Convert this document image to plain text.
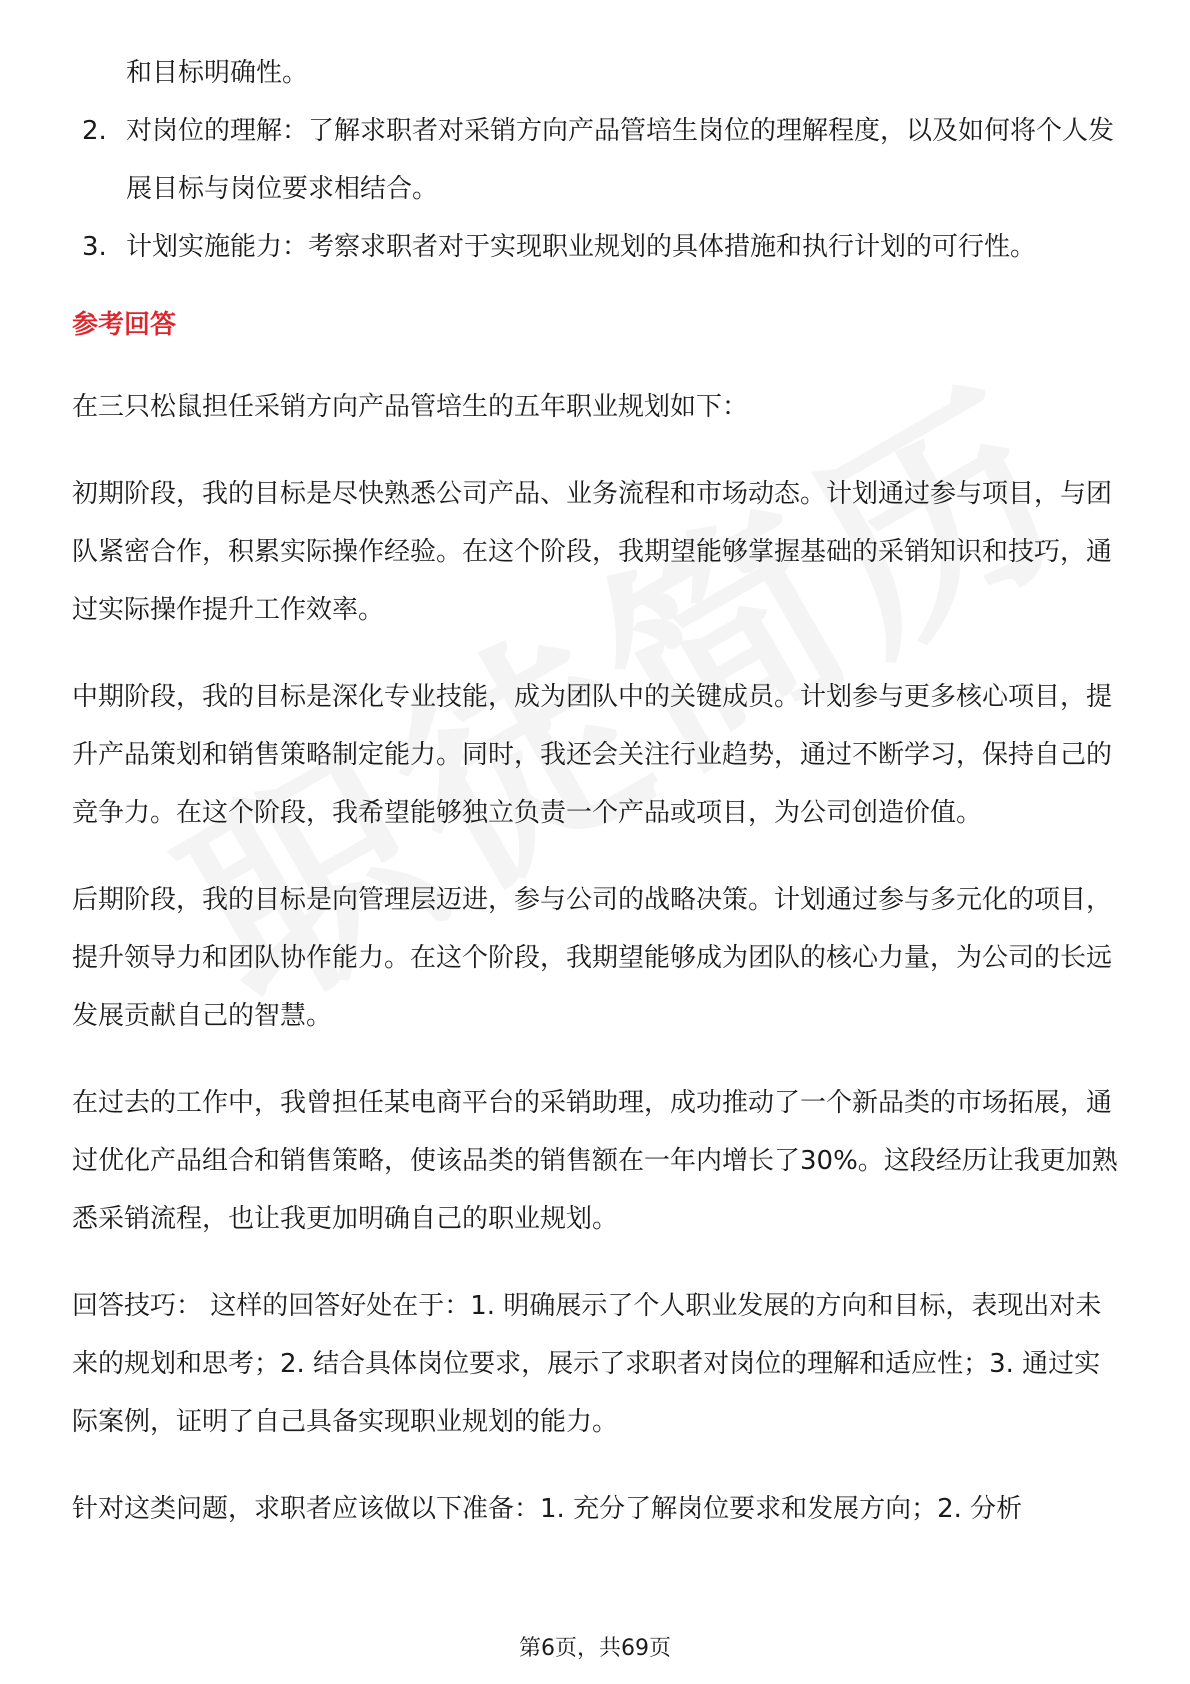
和目标明确性。

2. 对岗位的理解：了解求职者对采销方向产品管培生岗位的理解程度，以及如何将个人发展目标与岗位要求相结合。
3. 计划实施能力：考察求职者对于实现职业规划的具体措施和执行计划的可行性。

参考回答

在三只松鼠担任采销方向产品管培生的五年职业规划如下：

初期阶段，我的目标是尽快熟悉公司产品、业务流程和市场动态。计划通过参与项目，与团队紧密合作，积累实际操作经验。在这个阶段，我期望能够掌握基础的采销知识和技巧，通过实际操作提升工作效率。

中期阶段，我的目标是深化专业技能，成为团队中的关键成员。计划参与更多核心项目，提升产品策划和销售策略制定能力。同时，我还会关注行业趋势，通过不断学习，保持自己的竞争力。在这个阶段，我希望能够独立负责一个产品或项目，为公司创造价值。

后期阶段，我的目标是向管理层迈进，参与公司的战略决策。计划通过参与多元化的项目，提升领导力和团队协作能力。在这个阶段，我期望能够成为团队的核心力量，为公司的长远发展贡献自己的智慧。

在过去的工作中，我曾担任某电商平台的采销助理，成功推动了一个新品类的市场拓展，通过优化产品组合和销售策略，使该品类的销售额在一年内增长了30%。这段经历让我更加熟悉采销流程，也让我更加明确自己的职业规划。

回答技巧： 这样的回答好处在于：1. 明确展示了个人职业发展的方向和目标，表现出对未来的规划和思考；2. 结合具体岗位要求，展示了求职者对岗位的理解和适应性；3. 通过实际案例，证明了自己具备实现职业规划的能力。

针对这类问题，求职者应该做以下准备：1. 充分了解岗位要求和发展方向；2. 分析

第6页，共69页
